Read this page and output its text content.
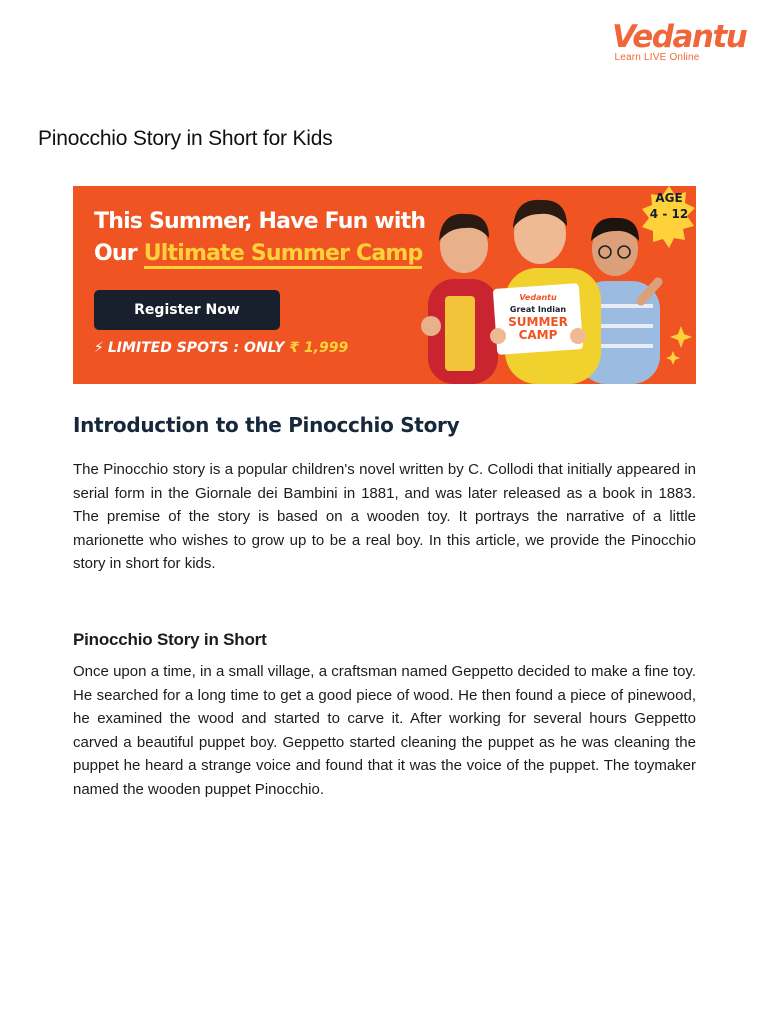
Vedantu
Learn LIVE Online
Pinocchio Story in Short for Kids
This Summer, Have Fun with
Our Ultimate Summer Camp
Register Now
⚡ LIMITED SPOTS : ONLY ₹ 1,999
AGE
4 - 12
Vedantu
Great Indian
SUMMER
CAMP
Introduction to the Pinocchio Story

The Pinocchio story is a popular children's novel written by C. Collodi that initially appeared in serial form in the Giornale dei Bambini in 1881, and was later released as a book in 1883. The premise of the story is based on a wooden toy. It portrays the narrative of a little marionette who wishes to grow up to be a real boy. In this article, we provide the Pinocchio story in short for kids.

Pinocchio Story in Short

Once upon a time, in a small village, a craftsman named Geppetto decided to make a fine toy. He searched for a long time to get a good piece of wood. He then found a piece of pinewood, he examined the wood and started to carve it. After working for several hours Geppetto carved a beautiful puppet boy. Geppetto started cleaning the puppet as he was cleaning the puppet he heard a strange voice and found that it was the voice of the puppet. The toymaker named the wooden puppet Pinocchio.
